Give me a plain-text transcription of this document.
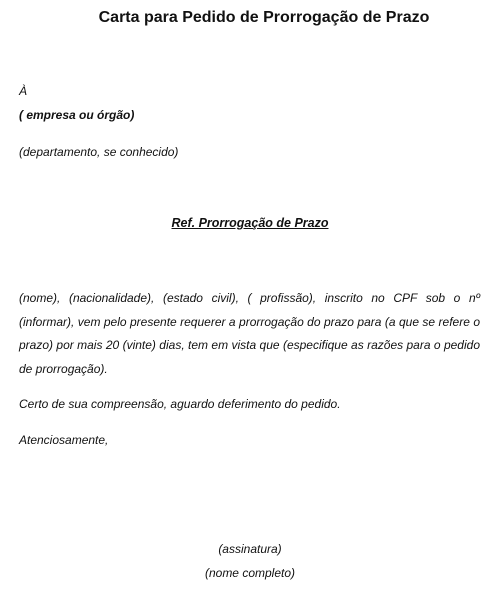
Carta para Pedido de Prorrogação de Prazo
À
( empresa ou órgão)
(departamento, se conhecido)
Ref. Prorrogação de Prazo
(nome), (nacionalidade), (estado civil), ( profissão), inscrito no CPF sob o nº (informar), vem pelo presente requerer a prorrogação do prazo para (a que se refere o prazo) por mais 20 (vinte) dias, tem em vista que (especifique as razões para o pedido de prorrogação).
Certo de sua compreensão, aguardo deferimento do pedido.
Atenciosamente,
(assinatura)
(nome completo)
